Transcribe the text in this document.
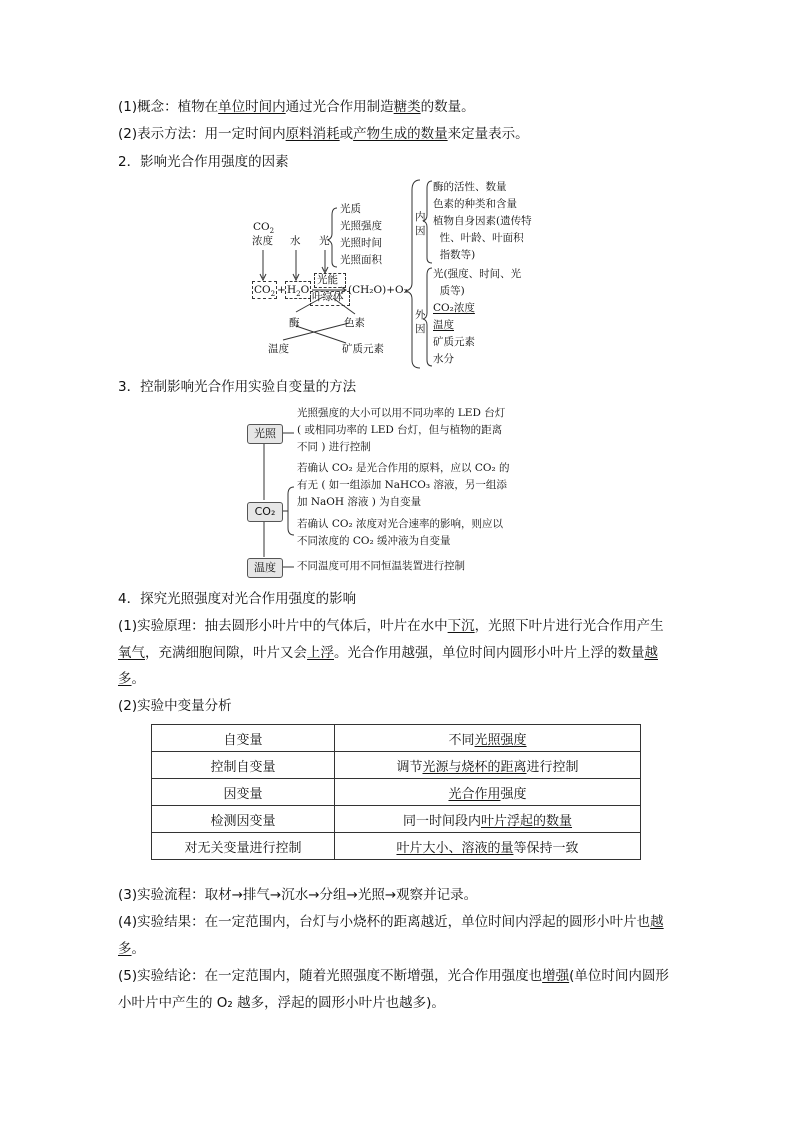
(1)概念：植物在单位时间内通过光合作用制造糖类的数量。
(2)表示方法：用一定时间内原料消耗或产物生成的数量来定量表示。
2．影响光合作用强度的因素
$CO_2$
浓度 水 光
光质
光照强度
光照时间
光照面积
$CO_2 + H_2O$
光能
叶绿体
(CH₂O)+O₂
酶	色素
温度	矿质元素
内因
酶的活性、数量
色素的种类和含量
植物自身因素(遗传特
性、叶龄、叶面积
指数等)
外因
光(强度、时间、光
质等)
CO₂浓度
温度
矿质元素
水分
3．控制影响光合作用实验自变量的方法
光照
CO₂
温度
光照强度的大小可以用不同功率的 LED 台灯
( 或相同功率的 LED 台灯，但与植物的距离
不同 ) 进行控制
若确认 CO₂ 是光合作用的原料，应以 CO₂ 的
有无 ( 如一组添加 NaHCO₃ 溶液，另一组添
加 NaOH 溶液 ) 为自变量
若确认 CO₂ 浓度对光合速率的影响，则应以
不同浓度的 CO₂ 缓冲液为自变量
不同温度可用不同恒温装置进行控制
4．探究光照强度对光合作用强度的影响
(1)实验原理：抽去圆形小叶片中的气体后，叶片在水中下沉，光照下叶片进行光合作用产生
氧气，充满细胞间隙，叶片又会上浮。光合作用越强，单位时间内圆形小叶片上浮的数量越
多。
(2)实验中变量分析
自变量	不同光照强度
控制自变量	调节光源与烧杯的距离进行控制
因变量	光合作用强度
检测因变量	同一时间段内叶片浮起的数量
对无关变量进行控制	叶片大小、溶液的量等保持一致
(3)实验流程：取材→排气→沉水→分组→光照→观察并记录。
(4)实验结果：在一定范围内，台灯与小烧杯的距离越近，单位时间内浮起的圆形小叶片也越
多。
(5)实验结论：在一定范围内，随着光照强度不断增强，光合作用强度也增强(单位时间内圆形
小叶片中产生的 O₂ 越多，浮起的圆形小叶片也越多)。
